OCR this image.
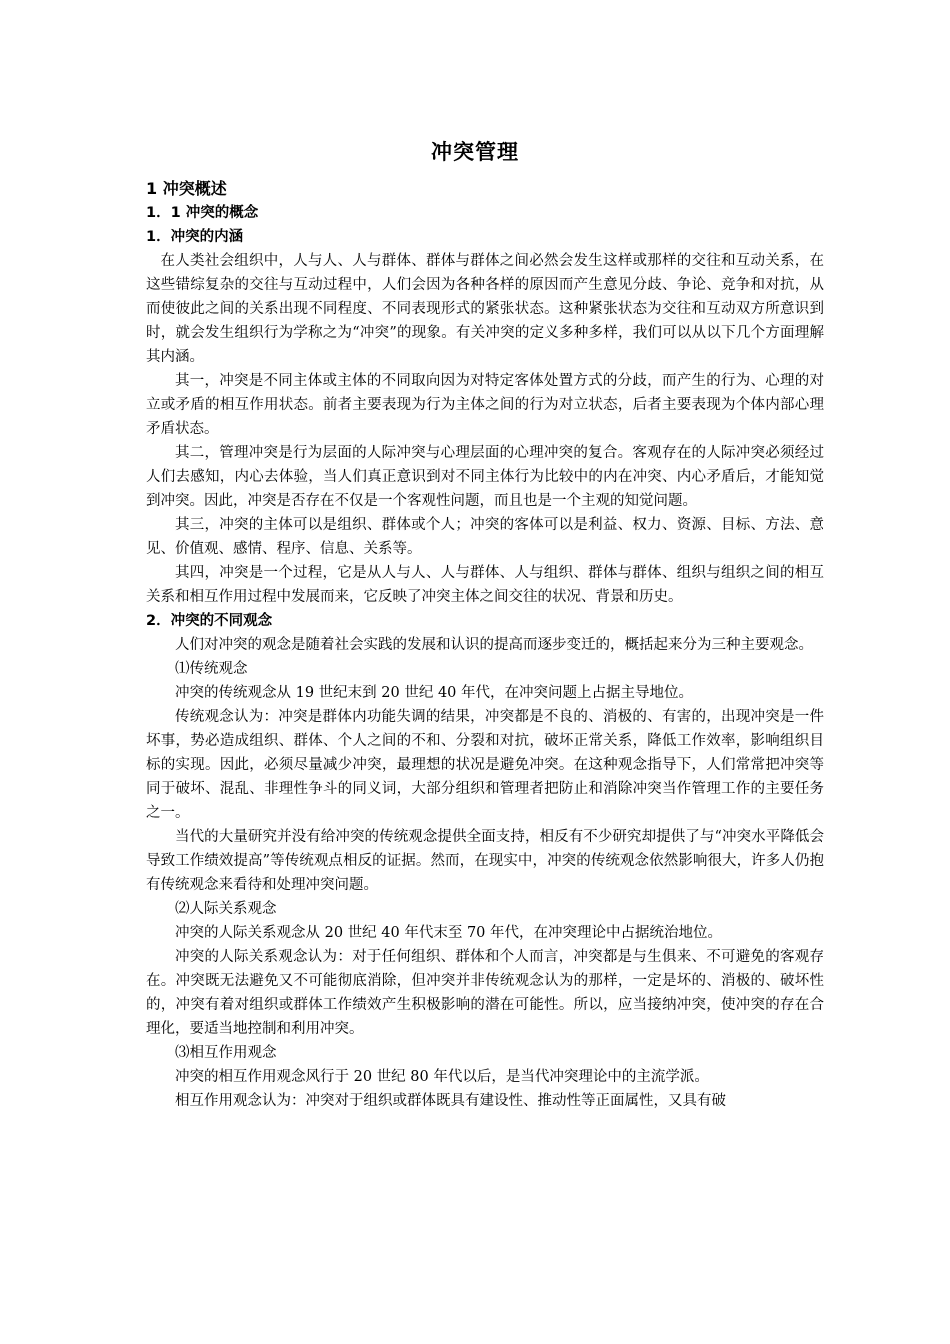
冲突管理
1 冲突概述
1．1 冲突的概念
1．冲突的内涵

在人类社会组织中，人与人、人与群体、群体与群体之间必然会发生这样或那样的交往和互动关系，在这些错综复杂的交往与互动过程中，人们会因为各种各样的原因而产生意见分歧、争论、竞争和对抗，从而使彼此之间的关系出现不同程度、不同表现形式的紧张状态。这种紧张状态为交往和互动双方所意识到时，就会发生组织行为学称之为“冲突”的现象。有关冲突的定义多种多样，我们可以从以下几个方面理解其内涵。

其一，冲突是不同主体或主体的不同取向因为对特定客体处置方式的分歧，而产生的行为、心理的对立或矛盾的相互作用状态。前者主要表现为行为主体之间的行为对立状态，后者主要表现为个体内部心理矛盾状态。

其二，管理冲突是行为层面的人际冲突与心理层面的心理冲突的复合。客观存在的人际冲突必须经过人们去感知，内心去体验，当人们真正意识到对不同主体行为比较中的内在冲突、内心矛盾后，才能知觉到冲突。因此，冲突是否存在不仅是一个客观性问题，而且也是一个主观的知觉问题。

其三，冲突的主体可以是组织、群体或个人；冲突的客体可以是利益、权力、资源、目标、方法、意见、价值观、感情、程序、信息、关系等。

其四，冲突是一个过程，它是从人与人、人与群体、人与组织、群体与群体、组织与组织之间的相互关系和相互作用过程中发展而来，它反映了冲突主体之间交往的状况、背景和历史。

2．冲突的不同观念

人们对冲突的观念是随着社会实践的发展和认识的提高而逐步变迁的，概括起来分为三种主要观念。

⑴传统观念

冲突的传统观念从 19 世纪末到 20 世纪 40 年代，在冲突问题上占据主导地位。

传统观念认为：冲突是群体内功能失调的结果，冲突都是不良的、消极的、有害的，出现冲突是一件坏事，势必造成组织、群体、个人之间的不和、分裂和对抗，破坏正常关系，降低工作效率，影响组织目标的实现。因此，必须尽量减少冲突，最理想的状况是避免冲突。在这种观念指导下，人们常常把冲突等同于破坏、混乱、非理性争斗的同义词，大部分组织和管理者把防止和消除冲突当作管理工作的主要任务之一。

当代的大量研究并没有给冲突的传统观念提供全面支持，相反有不少研究却提供了与“冲突水平降低会导致工作绩效提高”等传统观点相反的证据。然而，在现实中，冲突的传统观念依然影响很大，许多人仍抱有传统观念来看待和处理冲突问题。

⑵人际关系观念

冲突的人际关系观念从 20 世纪 40 年代末至 70 年代，在冲突理论中占据统治地位。

冲突的人际关系观念认为：对于任何组织、群体和个人而言，冲突都是与生俱来、不可避免的客观存在。冲突既无法避免又不可能彻底消除，但冲突并非传统观念认为的那样，一定是坏的、消极的、破坏性的，冲突有着对组织或群体工作绩效产生积极影响的潜在可能性。所以，应当接纳冲突，使冲突的存在合理化，要适当地控制和利用冲突。

⑶相互作用观念

冲突的相互作用观念风行于 20 世纪 80 年代以后，是当代冲突理论中的主流学派。

相互作用观念认为：冲突对于组织或群体既具有建设性、推动性等正面属性，又具有破
